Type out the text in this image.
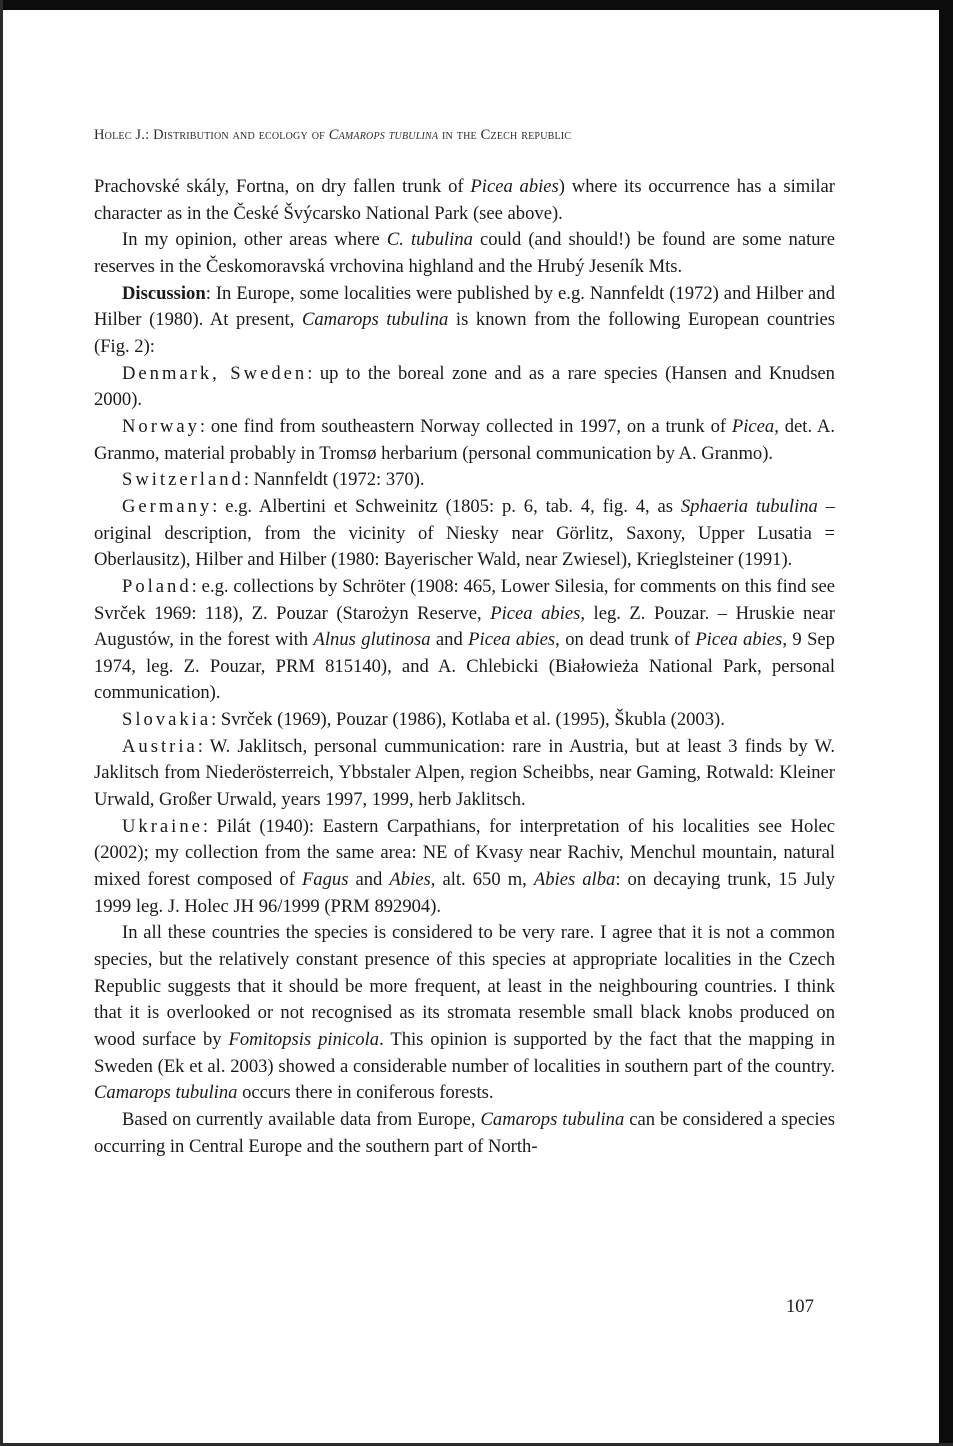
Holec J.: Distribution and ecology of Camarops tubulina in the Czech republic

Prachovské skály, Fortna, on dry fallen trunk of Picea abies) where its occurrence has a similar character as in the České Švýcarsko National Park (see above).

In my opinion, other areas where C. tubulina could (and should!) be found are some nature reserves in the Českomoravská vrchovina highland and the Hrubý Jeseník Mts.

Discussion: In Europe, some localities were published by e.g. Nannfeldt (1972) and Hilber and Hilber (1980). At present, Camarops tubulina is known from the following European countries (Fig. 2):

Denmark, Sweden: up to the boreal zone and as a rare species (Hansen and Knudsen 2000).

Norway: one find from southeastern Norway collected in 1997, on a trunk of Picea, det. A. Granmo, material probably in Tromsø herbarium (personal communication by A. Granmo).

Switzerland: Nannfeldt (1972: 370).

Germany: e.g. Albertini et Schweinitz (1805: p. 6, tab. 4, fig. 4, as Sphaeria tubulina – original description, from the vicinity of Niesky near Görlitz, Saxony, Upper Lusatia = Oberlausitz), Hilber and Hilber (1980: Bayerischer Wald, near Zwiesel), Krieglsteiner (1991).

Poland: e.g. collections by Schröter (1908: 465, Lower Silesia, for comments on this find see Svrček 1969: 118), Z. Pouzar (Starożyn Reserve, Picea abies, leg. Z. Pouzar. – Hruskie near Augustów, in the forest with Alnus glutinosa and Picea abies, on dead trunk of Picea abies, 9 Sep 1974, leg. Z. Pouzar, PRM 815140), and A. Chlebicki (Białowieża National Park, personal communication).

Slovakia: Svrček (1969), Pouzar (1986), Kotlaba et al. (1995), Škubla (2003).

Austria: W. Jaklitsch, personal cummunication: rare in Austria, but at least 3 finds by W. Jaklitsch from Niederösterreich, Ybbstaler Alpen, region Scheibbs, near Gaming, Rotwald: Kleiner Urwald, Großer Urwald, years 1997, 1999, herb Jaklitsch.

Ukraine: Pilát (1940): Eastern Carpathians, for interpretation of his localities see Holec (2002); my collection from the same area: NE of Kvasy near Rachiv, Menchul mountain, natural mixed forest composed of Fagus and Abies, alt. 650 m, Abies alba: on decaying trunk, 15 July 1999 leg. J. Holec JH 96/1999 (PRM 892904).

In all these countries the species is considered to be very rare. I agree that it is not a common species, but the relatively constant presence of this species at appropriate localities in the Czech Republic suggests that it should be more frequent, at least in the neighbouring countries. I think that it is overlooked or not recognised as its stromata resemble small black knobs produced on wood surface by Fomitopsis pinicola. This opinion is supported by the fact that the mapping in Sweden (Ek et al. 2003) showed a considerable number of localities in southern part of the country. Camarops tubulina occurs there in coniferous forests.

Based on currently available data from Europe, Camarops tubulina can be considered a species occurring in Central Europe and the southern part of North-

107
